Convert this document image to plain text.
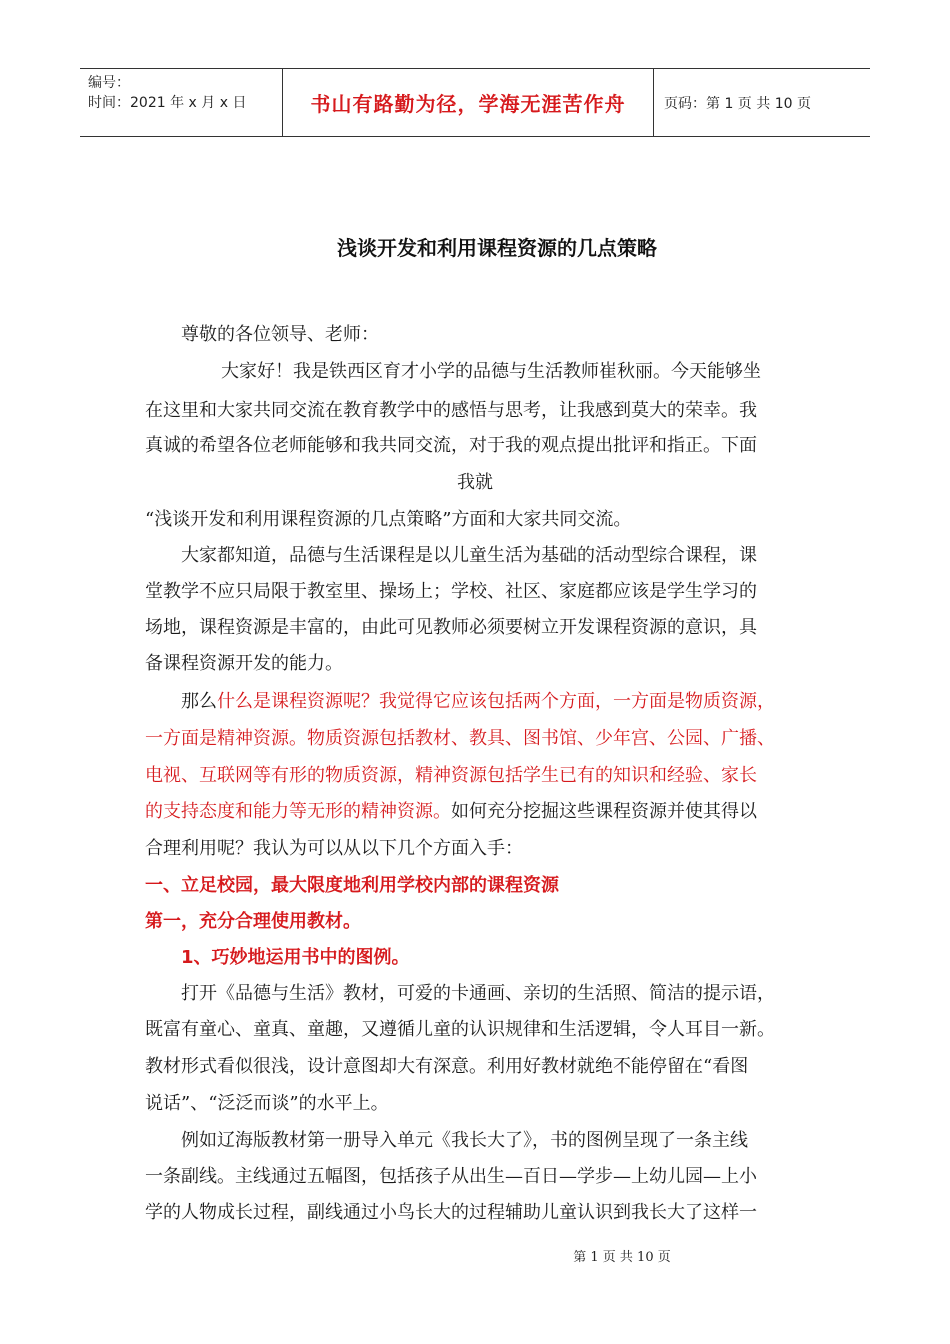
编号：
时间：2021 年 x 月 x 日	书山有路勤为径，学海无涯苦作舟	页码：第 1 页 共 10 页
浅谈开发和利用课程资源的几点策略
尊敬的各位领导、老师：
大家好！我是铁西区育才小学的品德与生活教师崔秋丽。今天能够坐
在这里和大家共同交流在教育教学中的感悟与思考，让我感到莫大的荣幸。我
真诚的希望各位老师能够和我共同交流，对于我的观点提出批评和指正。下面
我就
“浅谈开发和利用课程资源的几点策略”方面和大家共同交流。
大家都知道，品德与生活课程是以儿童生活为基础的活动型综合课程，课
堂教学不应只局限于教室里、操场上；学校、社区、家庭都应该是学生学习的
场地，课程资源是丰富的，由此可见教师必须要树立开发课程资源的意识，具
备课程资源开发的能力。
那么什么是课程资源呢？我觉得它应该包括两个方面，一方面是物质资源，
一方面是精神资源。物质资源包括教材、教具、图书馆、少年宫、公园、广播、
电视、互联网等有形的物质资源，精神资源包括学生已有的知识和经验、家长
的支持态度和能力等无形的精神资源。如何充分挖掘这些课程资源并使其得以
合理利用呢？我认为可以从以下几个方面入手：
一、立足校园，最大限度地利用学校内部的课程资源
第一，充分合理使用教材。
1、巧妙地运用书中的图例。
打开《品德与生活》教材，可爱的卡通画、亲切的生活照、简洁的提示语，
既富有童心、童真、童趣，又遵循儿童的认识规律和生活逻辑，令人耳目一新。
教材形式看似很浅，设计意图却大有深意。利用好教材就绝不能停留在“看图
说话”、“泛泛而谈”的水平上。
例如辽海版教材第一册导入单元《我长大了》，书的图例呈现了一条主线
一条副线。主线通过五幅图，包括孩子从出生—百日—学步—上幼儿园—上小
学的人物成长过程，副线通过小鸟长大的过程辅助儿童认识到我长大了这样一
第 1 页 共 10 页
